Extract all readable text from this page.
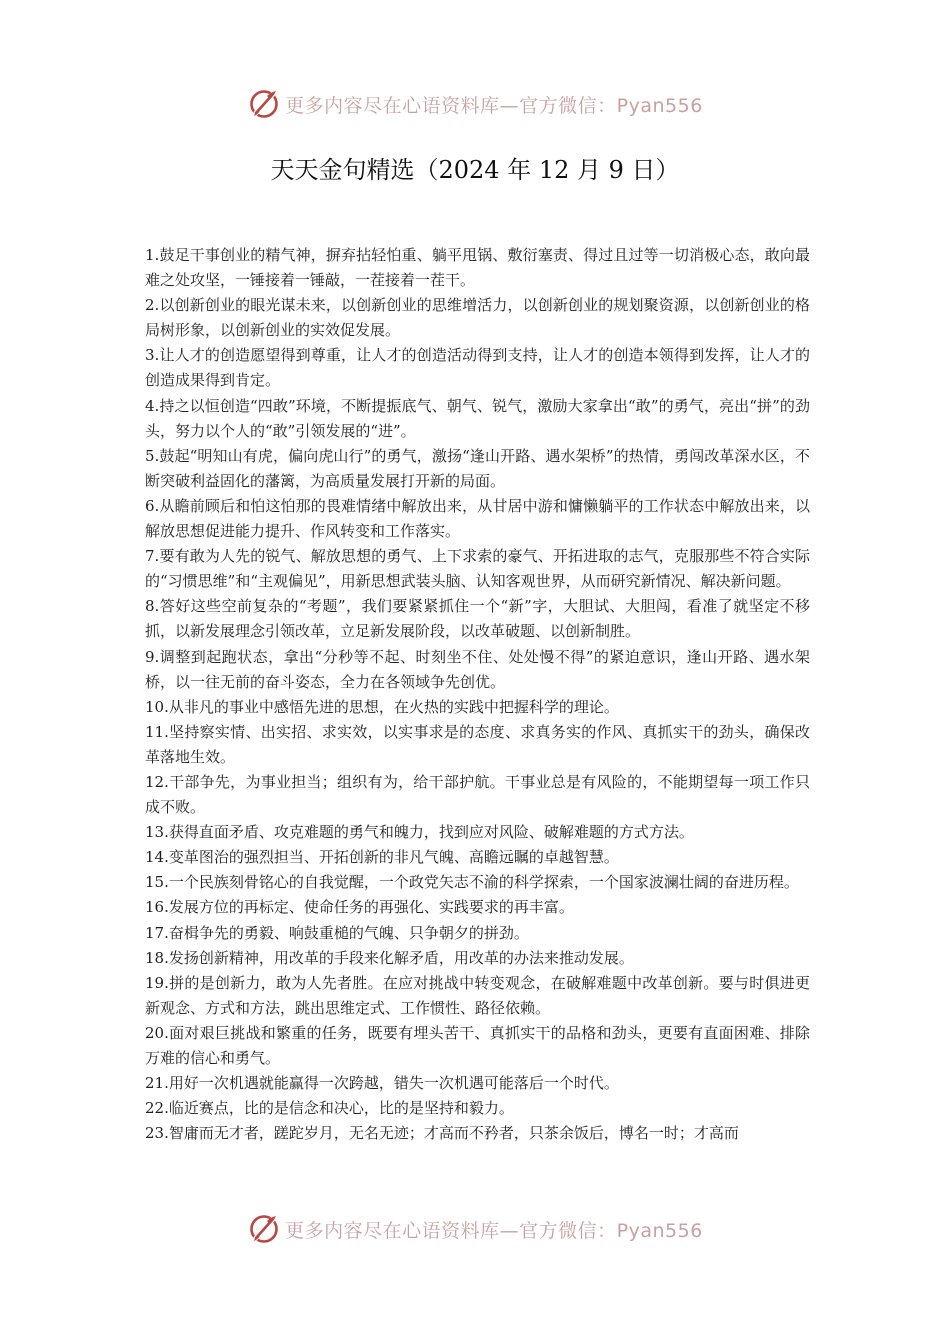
更多内容尽在心语资料库—官方微信：Pyan556
天天金句精选（2024 年 12 月 9 日）

1.鼓足干事创业的精气神，摒弃拈轻怕重、躺平甩锅、敷衍塞责、得过且过等一切消极心态，敢向最难之处攻坚，一锤接着一锤敲，一茬接着一茬干。

2.以创新创业的眼光谋未来，以创新创业的思维增活力，以创新创业的规划聚资源，以创新创业的格局树形象，以创新创业的实效促发展。

3.让人才的创造愿望得到尊重，让人才的创造活动得到支持，让人才的创造本领得到发挥，让人才的创造成果得到肯定。

4.持之以恒创造“四敢”环境，不断提振底气、朝气、锐气，激励大家拿出“敢”的勇气，亮出“拼”的劲头，努力以个人的“敢”引领发展的“进”。

5.鼓起“明知山有虎，偏向虎山行”的勇气，激扬“逢山开路、遇水架桥”的热情，勇闯改革深水区，不断突破利益固化的藩篱，为高质量发展打开新的局面。

6.从瞻前顾后和怕这怕那的畏难情绪中解放出来，从甘居中游和慵懒躺平的工作状态中解放出来，以解放思想促进能力提升、作风转变和工作落实。

7.要有敢为人先的锐气、解放思想的勇气、上下求索的豪气、开拓进取的志气，克服那些不符合实际的“习惯思维”和“主观偏见”，用新思想武装头脑、认知客观世界，从而研究新情况、解决新问题。

8.答好这些空前复杂的“考题”，我们要紧紧抓住一个“新”字，大胆试、大胆闯，看准了就坚定不移抓，以新发展理念引领改革，立足新发展阶段，以改革破题、以创新制胜。

9.调整到起跑状态，拿出“分秒等不起、时刻坐不住、处处慢不得”的紧迫意识，逢山开路、遇水架桥，以一往无前的奋斗姿态，全力在各领域争先创优。

10.从非凡的事业中感悟先进的思想，在火热的实践中把握科学的理论。

11.坚持察实情、出实招、求实效，以实事求是的态度、求真务实的作风、真抓实干的劲头，确保改革落地生效。

12.干部争先，为事业担当；组织有为，给干部护航。干事业总是有风险的，不能期望每一项工作只成不败。

13.获得直面矛盾、攻克难题的勇气和魄力，找到应对风险、破解难题的方式方法。

14.变革图治的强烈担当、开拓创新的非凡气魄、高瞻远瞩的卓越智慧。

15.一个民族刻骨铭心的自我觉醒，一个政党矢志不渝的科学探索，一个国家波澜壮阔的奋进历程。

16.发展方位的再标定、使命任务的再强化、实践要求的再丰富。

17.奋楫争先的勇毅、响鼓重槌的气魄、只争朝夕的拼劲。

18.发扬创新精神，用改革的手段来化解矛盾，用改革的办法来推动发展。

19.拼的是创新力，敢为人先者胜。在应对挑战中转变观念，在破解难题中改革创新。要与时俱进更新观念、方式和方法，跳出思维定式、工作惯性、路径依赖。

20.面对艰巨挑战和繁重的任务，既要有埋头苦干、真抓实干的品格和劲头，更要有直面困难、排除万难的信心和勇气。

21.用好一次机遇就能赢得一次跨越，错失一次机遇可能落后一个时代。

22.临近赛点，比的是信念和决心，比的是坚持和毅力。

23.智庸而无才者，蹉跎岁月，无名无迹；才高而不矜者，只茶余饭后，博名一时；才高而

更多内容尽在心语资料库—官方微信：Pyan556
